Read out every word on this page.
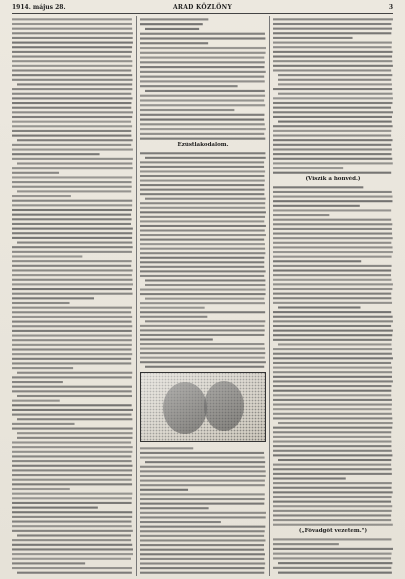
1914. május 28.	ARAD KÖZLÖNY	3
Ezüstlakodalom.
(Viszik a honvéd.)
(„Fővadgőt vezetem.")
